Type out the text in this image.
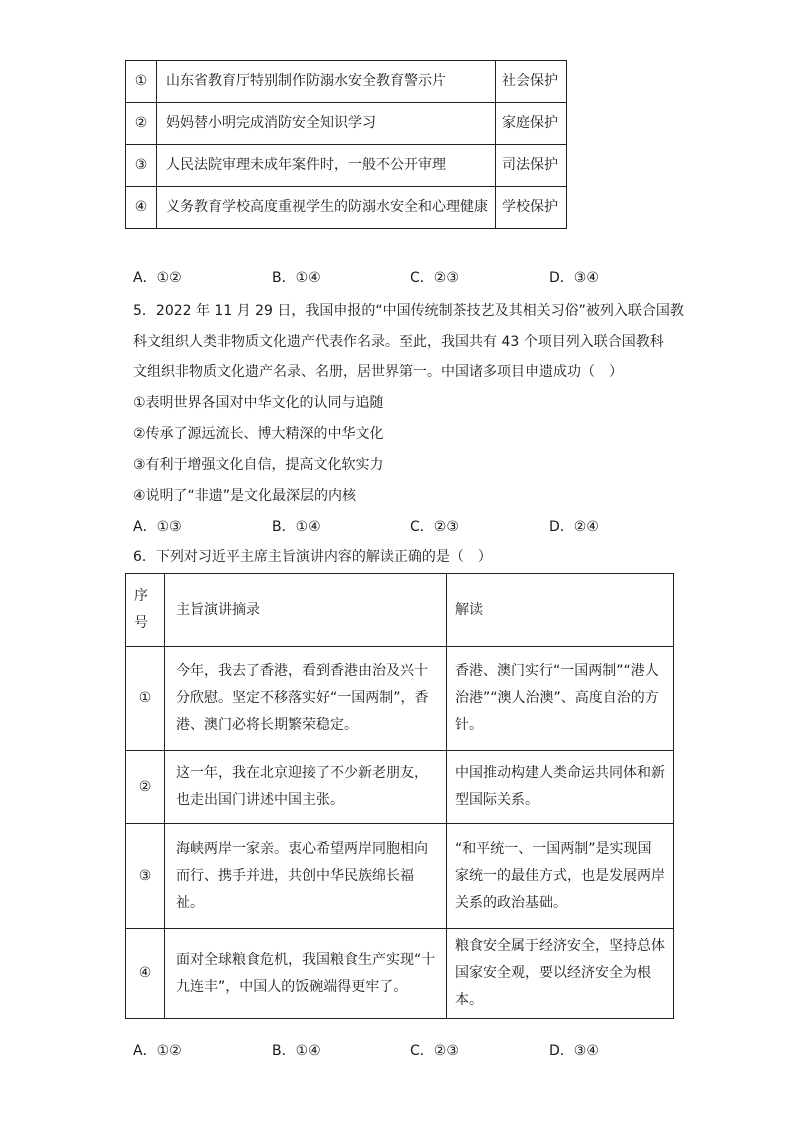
①	山东省教育厅特别制作防溺水安全教育警示片	社会保护
②	妈妈替小明完成消防安全知识学习	家庭保护
③	人民法院审理未成年案件时，一般不公开审理	司法保护
④	义务教育学校高度重视学生的防溺水安全和心理健康	学校保护
A．①②	B．①④	C．②③	D．③④
5．2022 年 11 月 29 日，我国申报的“中国传统制茶技艺及其相关习俗”被列入联合国教
科文组织人类非物质文化遗产代表作名录。至此，我国共有 43 个项目列入联合国教科
文组织非物质文化遗产名录、名册，居世界第一。中国诸多项目申遗成功（　）
①表明世界各国对中华文化的认同与追随
②传承了源远流长、博大精深的中华文化
③有利于增强文化自信，提高文化软实力
④说明了“非遗”是文化最深层的内核
A．①③	B．①④	C．②③	D．②④
6．下列对习近平主席主旨演讲内容的解读正确的是（　）
序
号	主旨演讲摘录	解读
①	今年，我去了香港，看到香港由治及兴十分欣慰。坚定不移落实好“一国两制”，香港、澳门必将长期繁荣稳定。	香港、澳门实行“一国两制”“港人治港”“澳人治澳”、高度自治的方针。
②	这一年，我在北京迎接了不少新老朋友，也走出国门讲述中国主张。	中国推动构建人类命运共同体和新型国际关系。
③	海峡两岸一家亲。衷心希望两岸同胞相向而行、携手并进，共创中华民族绵长福祉。	“和平统一、一国两制”是实现国家统一的最佳方式，也是发展两岸关系的政治基础。
④	面对全球粮食危机，我国粮食生产实现“十九连丰”，中国人的饭碗端得更牢了。	粮食安全属于经济安全，坚持总体国家安全观，要以经济安全为根本。
A．①②	B．①④	C．②③	D．③④
